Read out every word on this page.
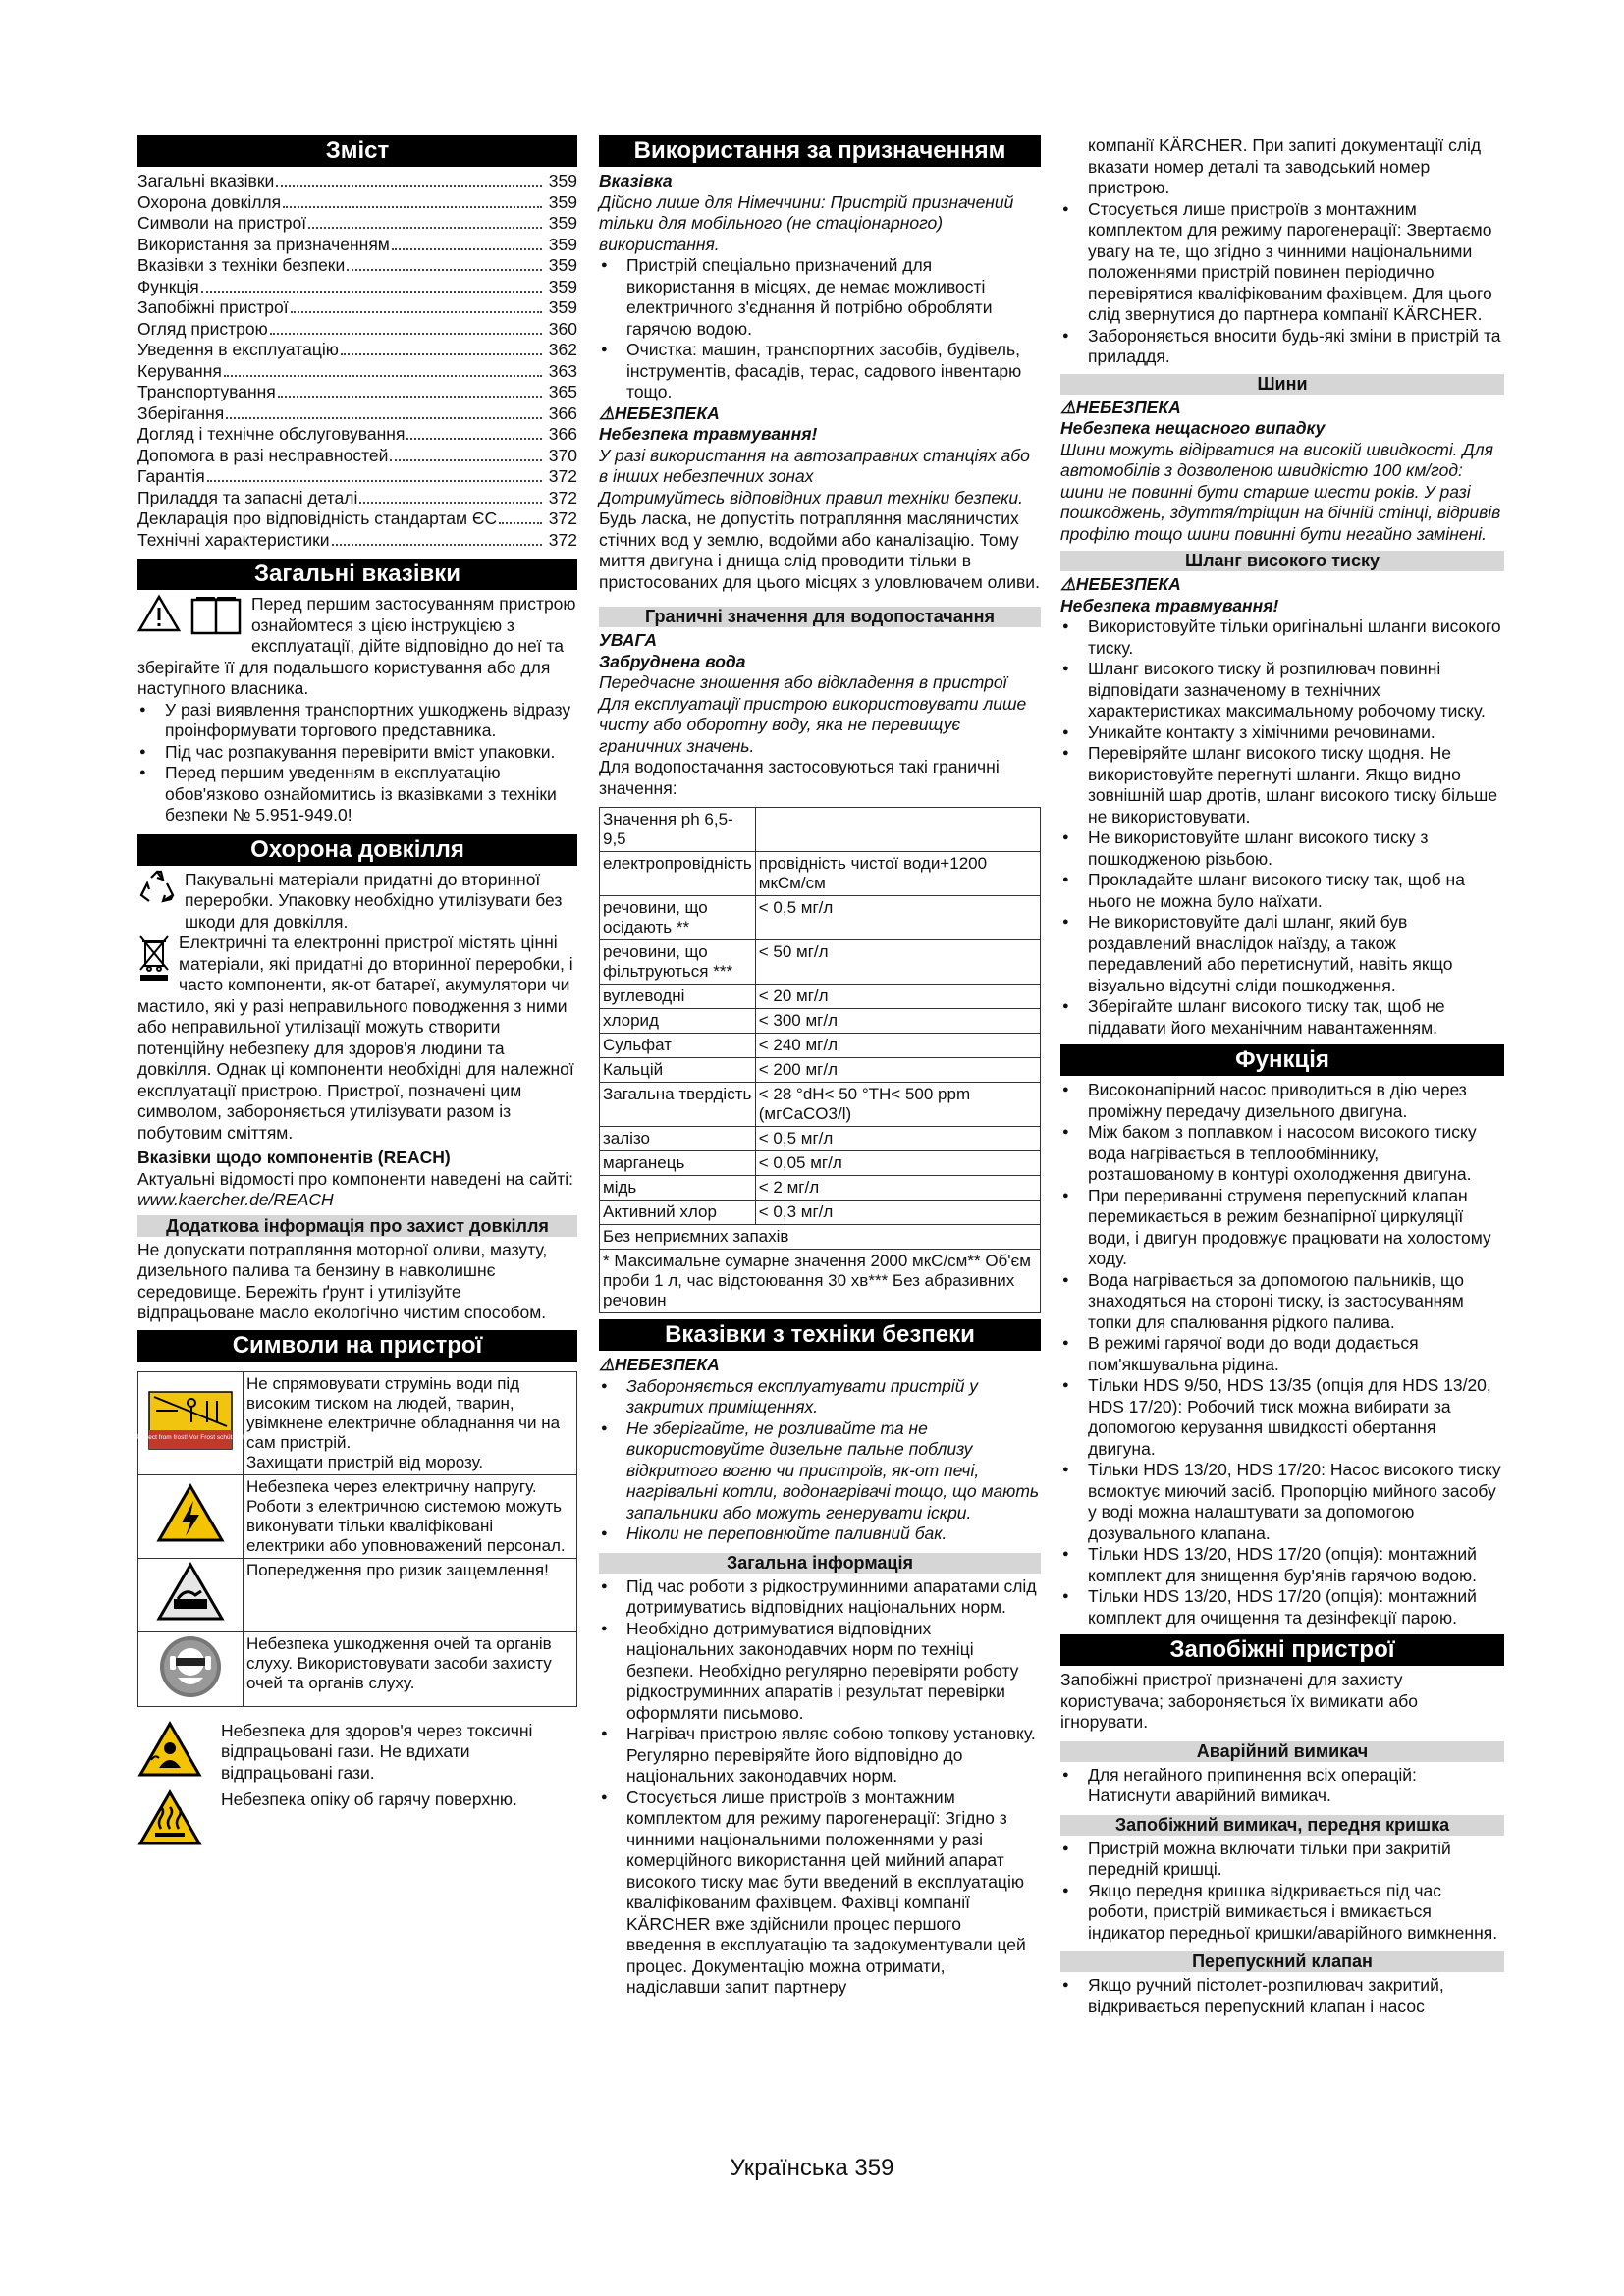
Зміст
Загальні вказівки	359
Охорона довкілля	359
Символи на пристрої	359
Використання за призначенням	359
Вказівки з техніки безпеки	359
Функція	359
Запобіжні пристрої	359
Огляд пристрою	360
Уведення в експлуатацію	362
Керування	363
Транспортування	365
Зберігання	366
Догляд і технічне обслуговування	366
Допомога в разі несправностей	370
Гарантія	372
Приладдя та запасні деталі	372
Декларація про відповідність стандартам ЄС	372
Технічні характеристики	372
Загальні вказівки

Перед першим застосуванням пристрою ознайомтеся з цією інструкцією з експлуатації, дійте відповідно до неї та зберігайте її для подальшого користування або для наступного власника.

● У разі виявлення транспортних ушкоджень відразу проінформувати торгового представника.
● Під час розпакування перевірити вміст упаковки.
● Перед першим уведенням в експлуатацію обов'язково ознайомитись із вказівками з техніки безпеки № 5.951-949.0!
Охорона довкілля

Пакувальні матеріали придатні до вторинної переробки. Упаковку необхідно утилізувати без шкоди для довкілля.

Електричні та електронні пристрої містять цінні матеріали, які придатні до вторинної переробки, і часто компоненти, як-от батареї, акумулятори чи мастило, які у разі неправильного поводження з ними або неправильної утилізації можуть створити потенційну небезпеку для здоров'я людини та довкілля. Однак ці компоненти необхідні для належної експлуатації пристрою. Пристрої, позначені цим символом, забороняється утилізувати разом із побутовим сміттям.

Вказівки щодо компонентів (REACH)

Актуальні відомості про компоненти наведені на сайті: www.kaercher.de/REACH

Додаткова інформація про захист довкілля

Не допускати потрапляння моторної оливи, мазуту, дизельного палива та бензину в навколишнє середовище. Бережіть ґрунт і утилізуйте відпрацьоване масло екологічно чистим способом.

Символи на пристрої
Protect from frost! Vor Frost schützen!	Не спрямовувати струмінь води під високим тиском на людей, тварин, увімкнене електричне обладнання чи на сам пристрій.
Захищати пристрій від морозу.
	Небезпека через електричну напругу. Роботи з електричною системою можуть виконувати тільки кваліфіковані електрики або уповноважений персонал.
	Попередження про ризик защемлення!
	Небезпека ушкодження очей та органів слуху. Використовувати засоби захисту очей та органів слуху.

Небезпека для здоров'я через токсичні відпрацьовані гази. Не вдихати відпрацьовані гази.

Небезпека опіку об гарячу поверхню.

Використання за призначенням

Вказівка

Дійсно лише для Німеччини: Пристрій призначений тільки для мобільного (не стаціонарного) використання.

● Пристрій спеціально призначений для використання в місцях, де немає можливості електричного з'єднання й потрібно обробляти гарячою водою.
● Очистка: машин, транспортних засобів, будівель, інструментів, фасадів, терас, садового інвентарю тощо.

⚠НЕБЕЗПЕКА

Небезпека травмування!

У разі використання на автозаправних станціях або в інших небезпечних зонах

Дотримуйтесь відповідних правил техніки безпеки.

Будь ласка, не допустіть потрапляння масляничстих стічних вод у землю, водойми або каналізацію. Тому миття двигуна і днища слід проводити тільки в пристосованих для цього місцях з уловлювачем оливи.

Граничні значення для водопостачання

УВАГА

Забруднена вода

Передчасне зношення або відкладення в пристрої Для експлуатації пристрою використовувати лише чисту або оборотну воду, яка не перевищує граничних значень.

Для водопостачання застосовуються такі граничні значення:

Значення ph 6,5-9,5	
електропровідність	провідність чистої води+1200 мкСм/см
речовини, що осідають **	< 0,5 мг/л
речовини, що фільтруються ***	< 50 мг/л
вуглеводні	< 20 мг/л
хлорид	< 300 мг/л
Сульфат	< 240 мг/л
Кальцій	< 200 мг/л
Загальна твердість	< 28 °dH< 50 °TH< 500 ppm (мгCaCO3/l)
залізо	< 0,5 мг/л
марганець	< 0,05 мг/л
мідь	< 2 мг/л
Активний хлор	< 0,3 мг/л
Без неприємних запахів	
* Максимальне сумарне значення 2000 мкС/см** Об'єм проби 1 л, час відстоювання 30 хв*** Без абразивних речовин	
Вказівки з техніки безпеки

⚠НЕБЕЗПЕКА

● Забороняється експлуатувати пристрій у закритих приміщеннях.
● Не зберігайте, не розливайте та не використовуйте дизельне пальне поблизу відкритого вогню чи пристроїв, як-от печі, нагрівальні котли, водонагрівачі тощо, що мають запальники або можуть генерувати іскри.
● Ніколи не переповнюйте паливний бак.
Загальна інформація
● Під час роботи з рідкоструминними апаратами слід дотримуватись відповідних національних норм.
● Необхідно дотримуватися відповідних національних законодавчих норм по техніці безпеки. Необхідно регулярно перевіряти роботу рідкоструминних апаратів і результат перевірки оформляти письмово.
● Нагрівач пристрою являє собою топкову установку. Регулярно перевіряйте його відповідно до національних законодавчих норм.
● Стосується лише пристроїв з монтажним комплектом для режиму парогенерації: Згідно з чинними національними положеннями у разі комерційного використання цей мийний апарат високого тиску має бути введений в експлуатацію кваліфікованим фахівцем. Фахівці компанії KÄRCHER вже здійснили процес першого введення в експлуатацію та задокументували цей процес. Документацію можна отримати, надіславши запит партнеру

компанії KÄRCHER. При запиті документації слід вказати номер деталі та заводський номер пристрою.

● Стосується лише пристроїв з монтажним комплектом для режиму парогенерації: Звертаємо увагу на те, що згідно з чинними національними положеннями пристрій повинен періодично перевірятися кваліфікованим фахівцем. Для цього слід звернутися до партнера компанії KÄRCHER.
● Забороняється вносити будь-які зміни в пристрій та приладдя.
Шини

⚠НЕБЕЗПЕКА

Небезпека нещасного випадку

Шини можуть відірватися на високій швидкості. Для автомобілів з дозволеною швидкістю 100 км/год: шини не повинні бути старше шести років. У разі пошкоджень, здуття/тріщин на бічній стінці, відривів профілю тощо шини повинні бути негайно замінені.

Шланг високого тиску

⚠НЕБЕЗПЕКА

Небезпека травмування!

● Використовуйте тільки оригінальні шланги високого тиску.
● Шланг високого тиску й розпилювач повинні відповідати зазначеному в технічних характеристиках максимальному робочому тиску.
● Уникайте контакту з хімічними речовинами.
● Перевіряйте шланг високого тиску щодня. Не використовуйте перегнуті шланги. Якщо видно зовнішній шар дротів, шланг високого тиску більше не використовувати.
● Не використовуйте шланг високого тиску з пошкодженою різьбою.
● Прокладайте шланг високого тиску так, щоб на нього не можна було наїхати.
● Не використовуйте далі шланг, який був роздавлений внаслідок наїзду, а також передавлений або перетиснутий, навіть якщо візуально відсутні сліди пошкодження.
● Зберігайте шланг високого тиску так, щоб не піддавати його механічним навантаженням.
Функція
● Високонапірний насос приводиться в дію через проміжну передачу дизельного двигуна.
● Між баком з поплавком і насосом високого тиску вода нагрівається в теплообміннику, розташованому в контурі охолодження двигуна.
● При переривaнні струменя перепускний клапан перемикається в режим безнапірної циркуляції води, і двигун продовжує працювати на холостому ходу.
● Вода нагрівається за допомогою пальників, що знаходяться на стороні тиску, із застосуванням топки для спалювання рідкого палива.
● В режимі гарячої води до води додається пом'якшувальна рідина.
● Тільки HDS 9/50, HDS 13/35 (опція для HDS 13/20, HDS 17/20): Робочий тиск можна вибирати за допомогою керування швидкості обертання двигуна.
● Тільки HDS 13/20, HDS 17/20: Насос високого тиску всмоктує миючий засіб. Пропорцію мийного засобу у воді можна налаштувати за допомогою дозувального клапана.
● Тільки HDS 13/20, HDS 17/20 (опція): монтажний комплект для знищення бур'янів гарячою водою.
● Тільки HDS 13/20, HDS 17/20 (опція): монтажний комплект для очищення та дезінфекції парою.
Запобіжні пристрої

Запобіжні пристрої призначені для захисту користувача; забороняється їх вимикати або ігнорувати.

Аварійний вимикач
● Для негайного припинення всіх операцій: Натиснути аварійний вимикач.
Запобіжний вимикач, передня кришка
● Пристрій можна включати тільки при закритій передній кришці.
● Якщо передня кришка відкривається під час роботи, пристрій вимикається і вмикається індикатор передньої кришки/аварійного вимкнення.
Перепускний клапан
● Якщо ручний пістолет-розпилювач закритий, відкривається перепускний клапан і насос
Українська 359
